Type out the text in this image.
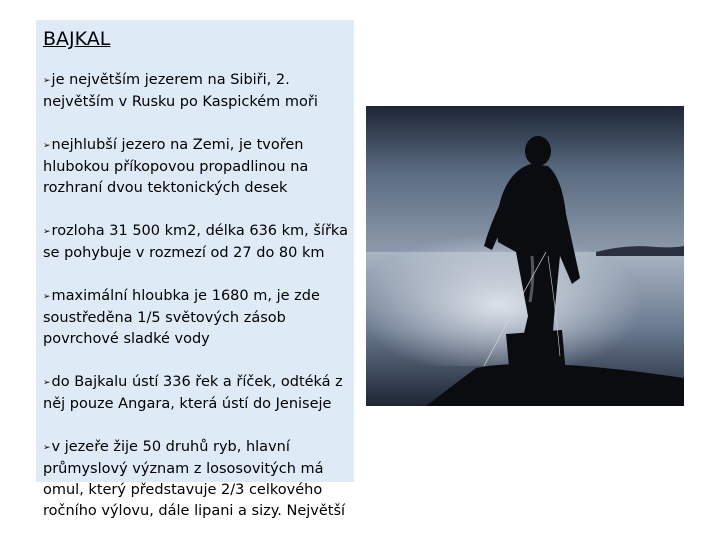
BAJKAL
➢je největším jezerem na Sibiři, 2. největším v Rusku po Kaspickém moři
➢nejhlubší jezero na Zemi, je tvořen hlubokou příkopovou propadlinou na rozhraní dvou tektonických desek
➢rozloha 31 500 km2, délka 636 km, šířka se pohybuje v rozmezí od 27 do 80 km
➢maximální hloubka je 1680 m, je zde soustředěna 1/5 světových zásob povrchové sladké vody
➢do Bajkalu ústí 336 řek a říček, odtéká z něj pouze Angara, která ústí do Jeniseje
➢v jezeře žije 50 druhů ryb, hlavní průmyslový význam z lososovitých má omul, který představuje 2/3 celkového ročního výlovu, dále lipani a sizy. Největší
